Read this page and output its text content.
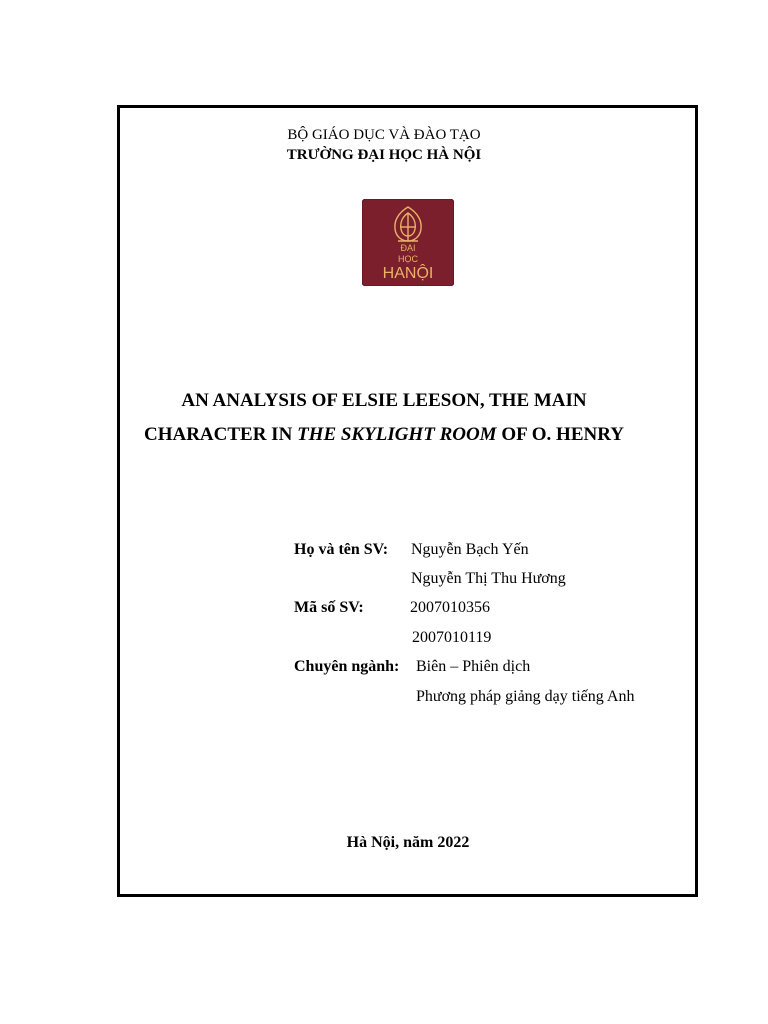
BỘ GIÁO DỤC VÀ ĐÀO TẠO
TRƯỜNG ĐẠI HỌC HÀ NỘI
ĐẠI
HỌC
HANỘI
AN ANALYSIS OF ELSIE LEESON, THE MAIN
CHARACTER IN THE SKYLIGHT ROOM OF O. HENRY
Họ và tên SV: Nguyễn Bạch Yến
Nguyễn Thị Thu Hương
Mã số SV:	2007010356
2007010119
Chuyên ngành: Biên – Phiên dịch
Phương pháp giảng dạy tiếng Anh
Hà Nội, năm 2022
